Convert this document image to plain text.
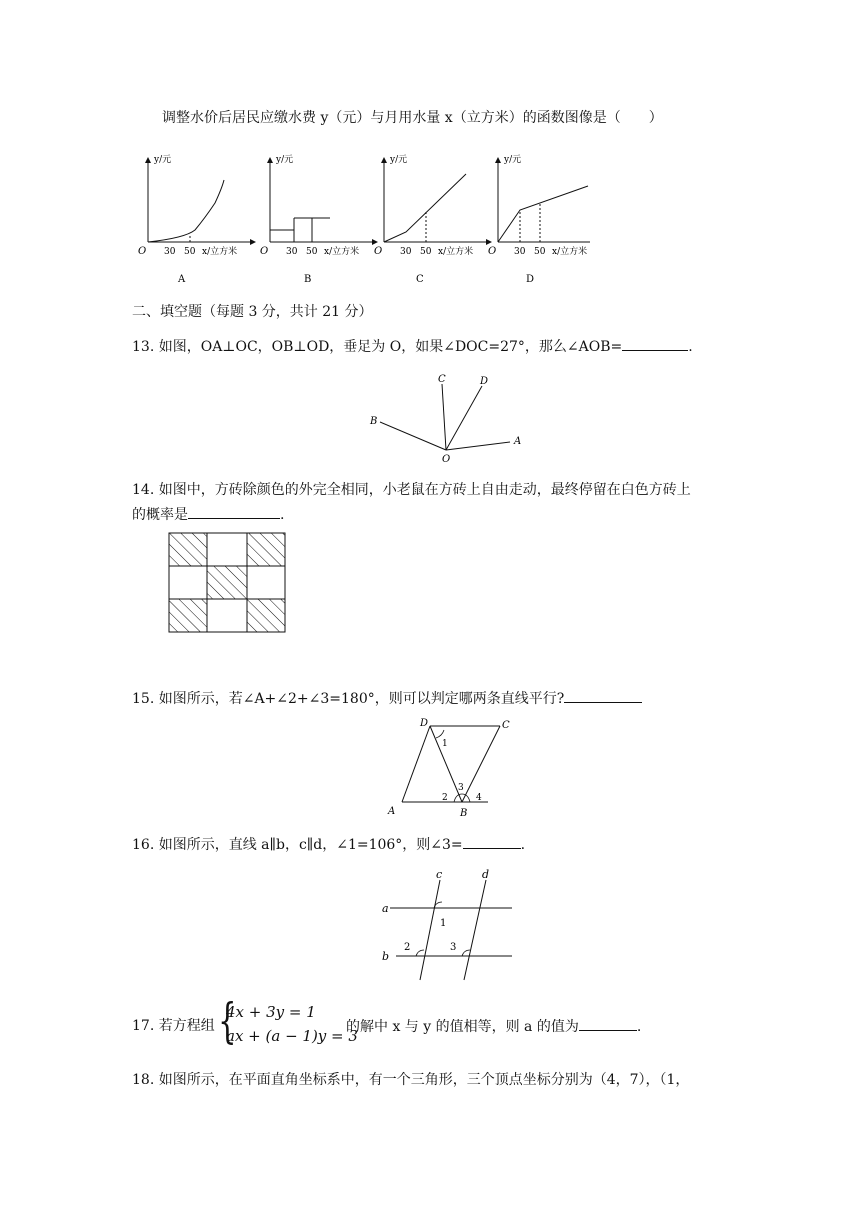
调整水价后居民应缴水费 y（元）与月用水量 x（立方米）的函数图像是（　　）
y/元
O 30 50 x/立方米
A
y/元
O 30 50 x/立方米
B
y/元
O 30 50 x/立方米
C
y/元
O 30 50 x/立方米
D
二、填空题（每题 3 分，共计 21 分）
13. 如图，OA⊥OC，OB⊥OD，垂足为 O，如果∠DOC=27°，那么∠AOB=	.
C	D
B
A
O
14. 如图中，方砖除颜色的外完全相同，小老鼠在方砖上自由走动，最终停留在白色方砖上
的概率是	.
15. 如图所示，若∠A+∠2+∠3=180°，则可以判定哪两条直线平行?
D	C
A	B
1
2
3
4
16. 如图所示，直线 a∥b，c∥d，∠1=106°，则∠3=	.
a
b
c	d
1
2	3
17. 若方程组 {
4x + 3y = 1
ax + (a − 1)y = 3
的解中 x 与 y 的值相等，则 a 的值为	.
18. 如图所示，在平面直角坐标系中，有一个三角形，三个顶点坐标分别为（4，7），（1，
